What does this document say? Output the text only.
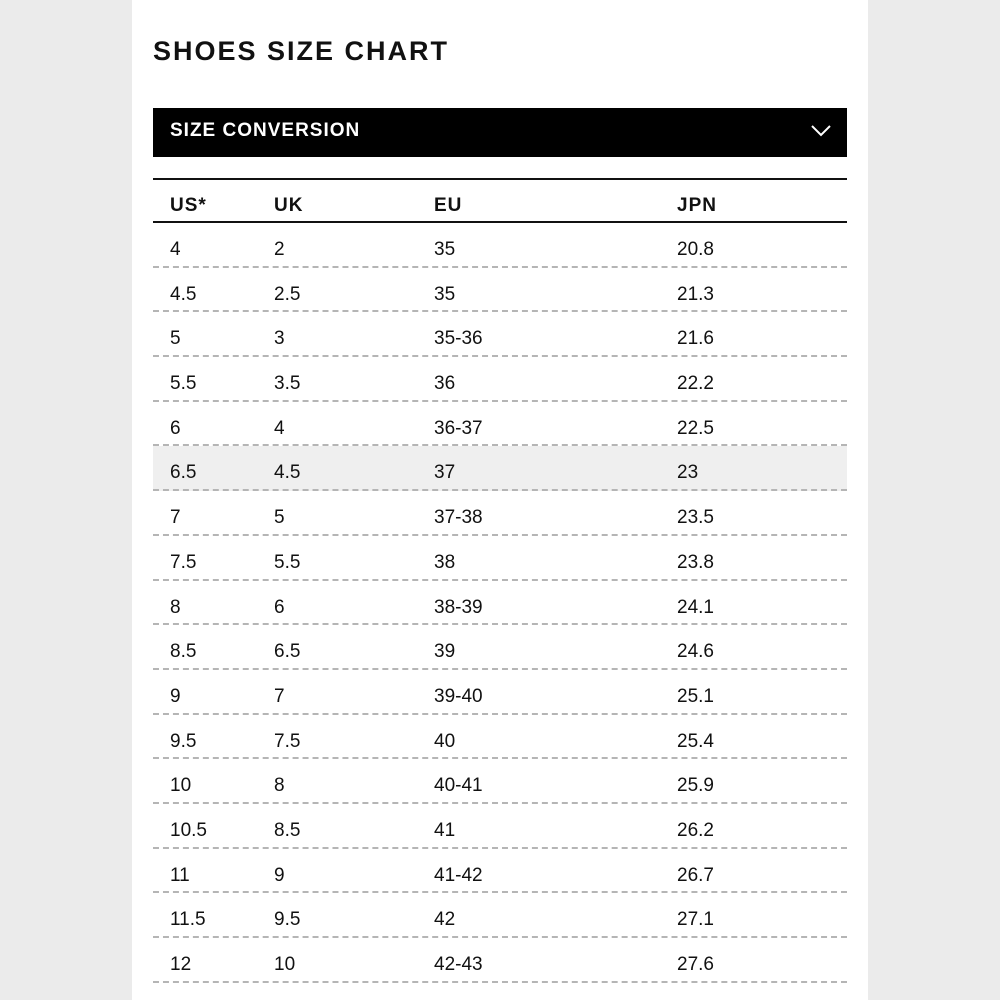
SHOES SIZE CHART
SIZE CONVERSION
US*	UK	EU	JPN
4	2	35	20.8
4.5	2.5	35	21.3
5	3	35-36	21.6
5.5	3.5	36	22.2
6	4	36-37	22.5
6.5	4.5	37	23
7	5	37-38	23.5
7.5	5.5	38	23.8
8	6	38-39	24.1
8.5	6.5	39	24.6
9	7	39-40	25.1
9.5	7.5	40	25.4
10	8	40-41	25.9
10.5	8.5	41	26.2
11	9	41-42	26.7
11.5	9.5	42	27.1
12	10	42-43	27.6
